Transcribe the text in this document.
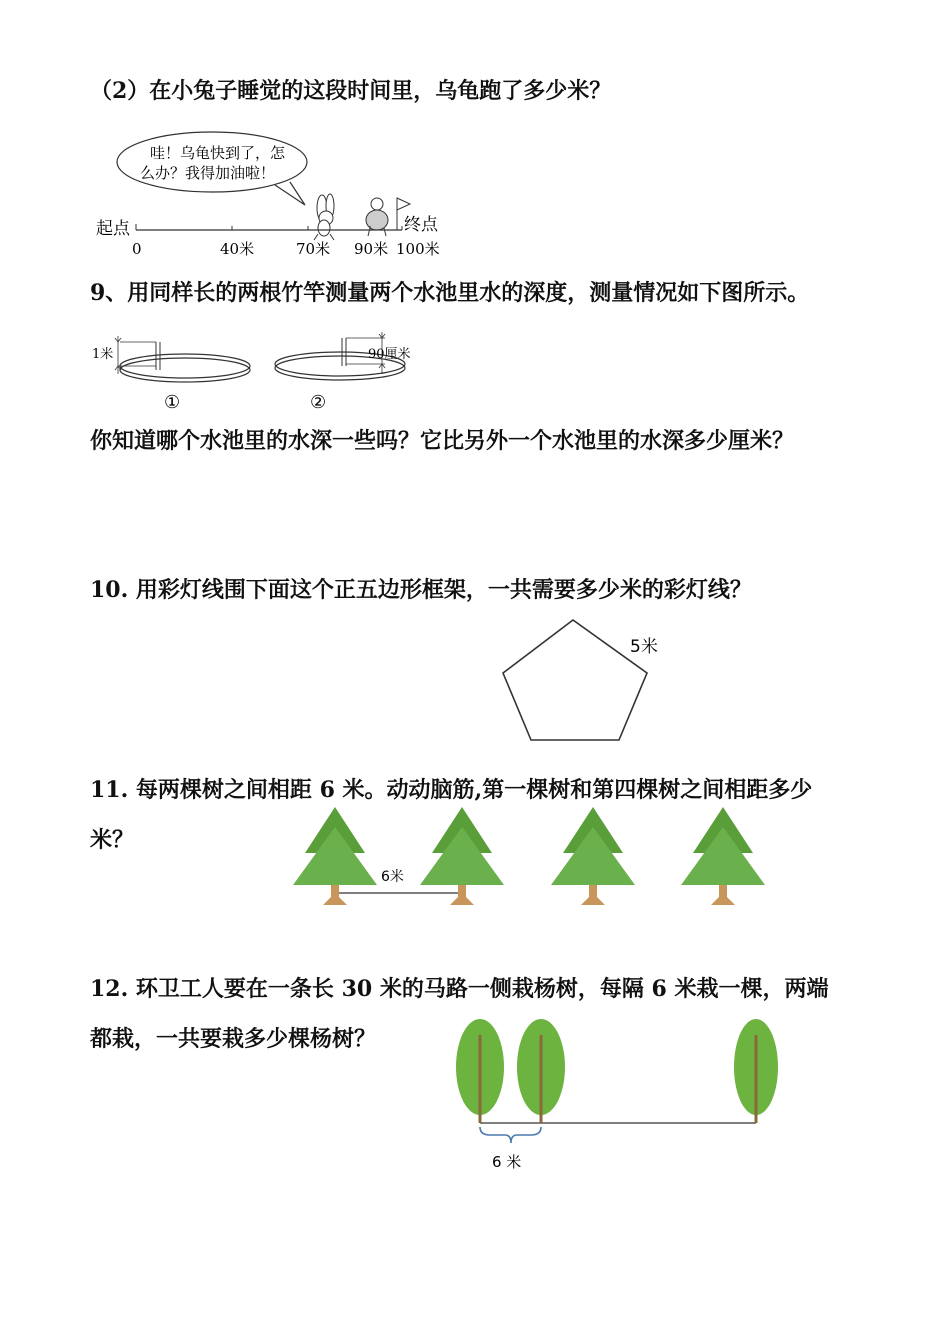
（2）在小兔子睡觉的这段时间里，乌龟跑了多少米？
哇！乌龟快到了，怎
么办？我得加油啦！
起点	终点
0	40米	70米 90米 100米
9、用同样长的两根竹竿测量两个水池里水的深度，测量情况如下图所示。
1米
①
90厘米
②
你知道哪个水池里的水深一些吗？它比另外一个水池里的水深多少厘米？
10. 用彩灯线围下面这个正五边形框架，一共需要多少米的彩灯线？
5米
11. 每两棵树之间相距 6 米。动动脑筋,第一棵树和第四棵树之间相距多少
米？
6米
12. 环卫工人要在一条长 30 米的马路一侧栽杨树，每隔 6 米栽一棵，两端
都栽，一共要栽多少棵杨树？
6 米
